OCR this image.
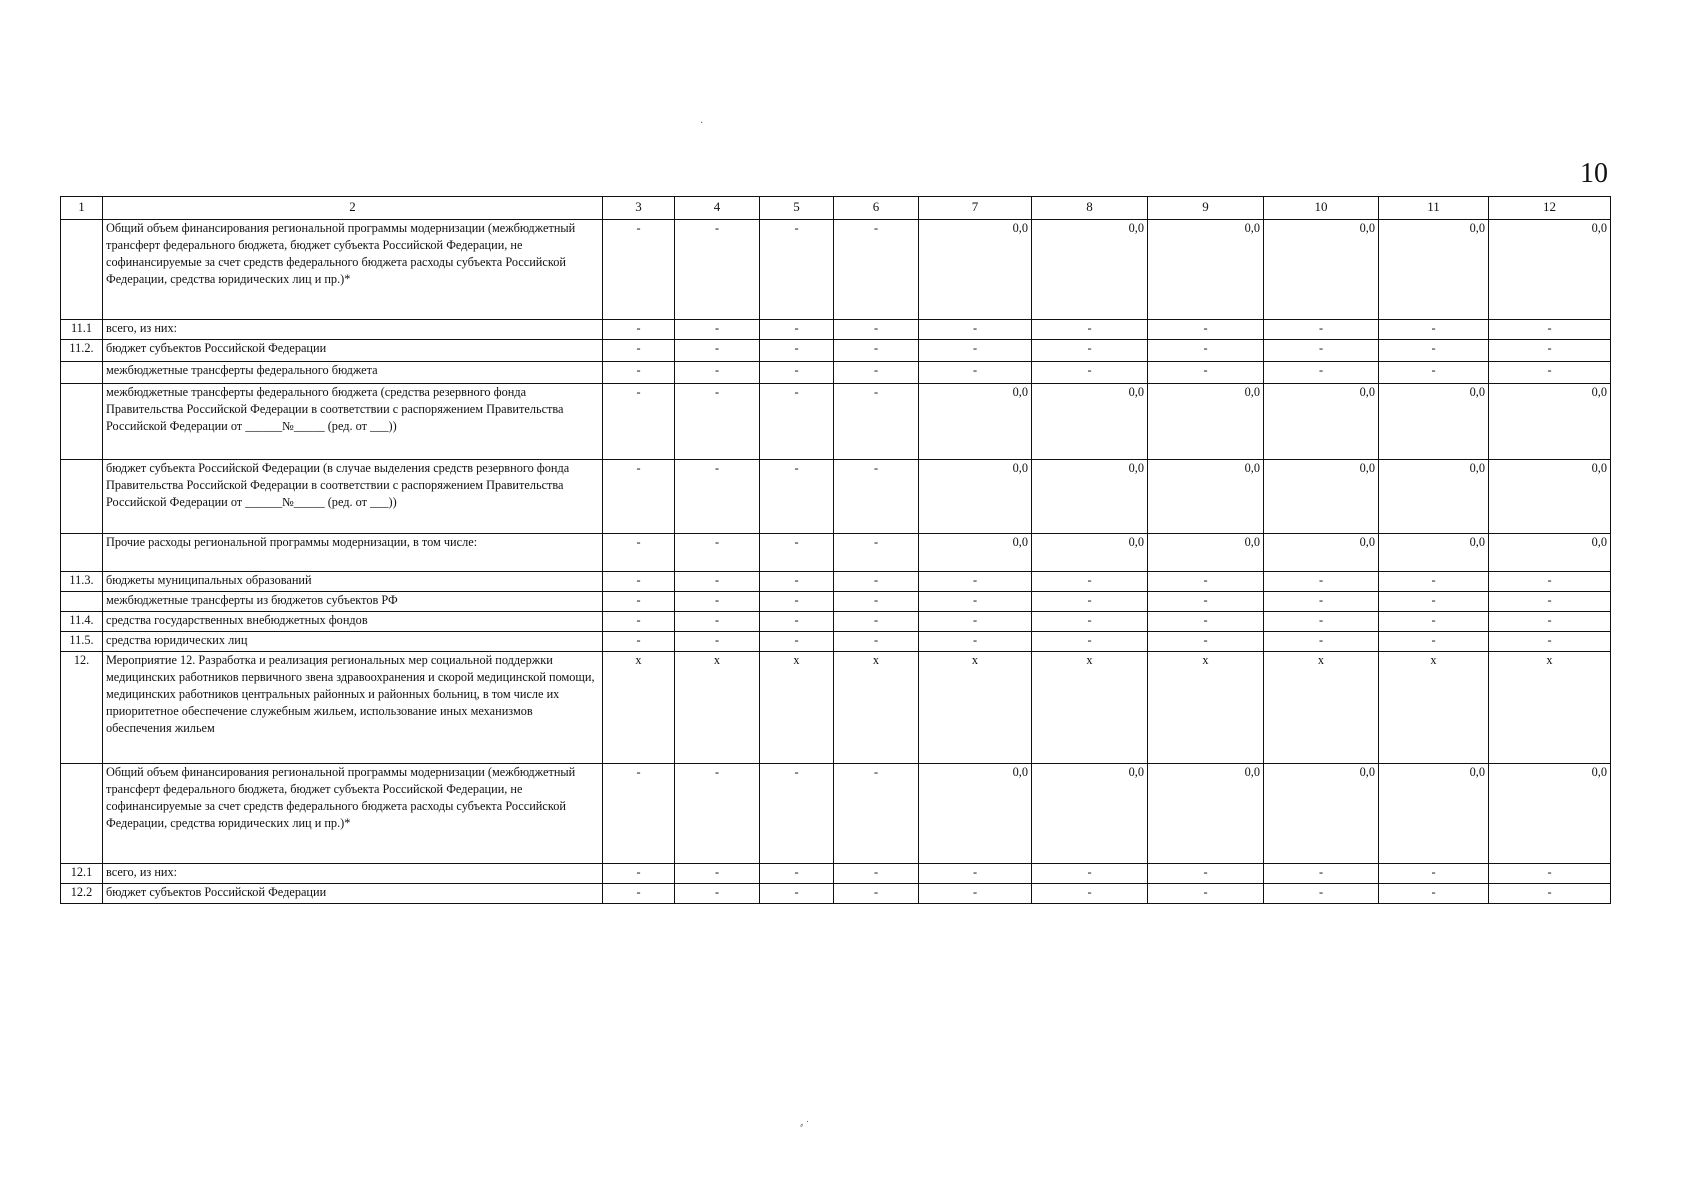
10
1	2	3	4	5	6	7	8	9	10	11	12
	Общий объем финансирования региональной программы модернизации (межбюджетный трансферт федерального бюджета, бюджет субъекта Российской Федерации, не софинансируемые за счет средств федерального бюджета расходы субъекта Российской Федерации, средства юридических лиц и пр.)*	-	-	-	-	0,0	0,0	0,0	0,0	0,0	0,0
11.1	всего, из них:	-	-	-	-	-	-	-	-	-	-
11.2.	бюджет субъектов Российской Федерации	-	-	-	-	-	-	-	-	-	-
	межбюджетные трансферты федерального бюджета	-	-	-	-	-	-	-	-	-	-
	межбюджетные трансферты федерального бюджета (средства резервного фонда Правительства Российской Федерации в соответствии с распоряжением Правительства Российской Федерации от ______№_____ (ред. от ___))	-	-	-	-	0,0	0,0	0,0	0,0	0,0	0,0
	бюджет субъекта Российской Федерации (в случае выделения средств резервного фонда Правительства Российской Федерации в соответствии с распоряжением Правительства Российской Федерации от ______№_____ (ред. от ___))	-	-	-	-	0,0	0,0	0,0	0,0	0,0	0,0
	Прочие расходы региональной программы модернизации, в том числе:	-	-	-	-	0,0	0,0	0,0	0,0	0,0	0,0
11.3.	бюджеты муниципальных образований	-	-	-	-	-	-	-	-	-	-
	межбюджетные трансферты из бюджетов субъектов РФ	-	-	-	-	-	-	-	-	-	-
11.4.	средства государственных внебюджетных фондов	-	-	-	-	-	-	-	-	-	-
11.5.	средства юридических лиц	-	-	-	-	-	-	-	-	-	-
12.	Мероприятие 12. Разработка и реализация региональных мер социальной поддержки медицинских работников первичного звена здравоохранения и скорой медицинской помощи, медицинских работников центральных районных и районных больниц, в том числе их приоритетное обеспечение служебным жильем, использование иных механизмов обеспечения жильем	х	х	х	х	х	х	х	х	х	х
	Общий объем финансирования региональной программы модернизации (межбюджетный трансферт федерального бюджета, бюджет субъекта Российской Федерации, не софинансируемые за счет средств федерального бюджета расходы субъекта Российской Федерации, средства юридических лиц и пр.)*	-	-	-	-	0,0	0,0	0,0	0,0	0,0	0,0
12.1	всего, из них:	-	-	-	-	-	-	-	-	-	-
12.2	бюджет субъектов Российской Федерации	-	-	-	-	-	-	-	-	-	-
·
⸗ ˙
